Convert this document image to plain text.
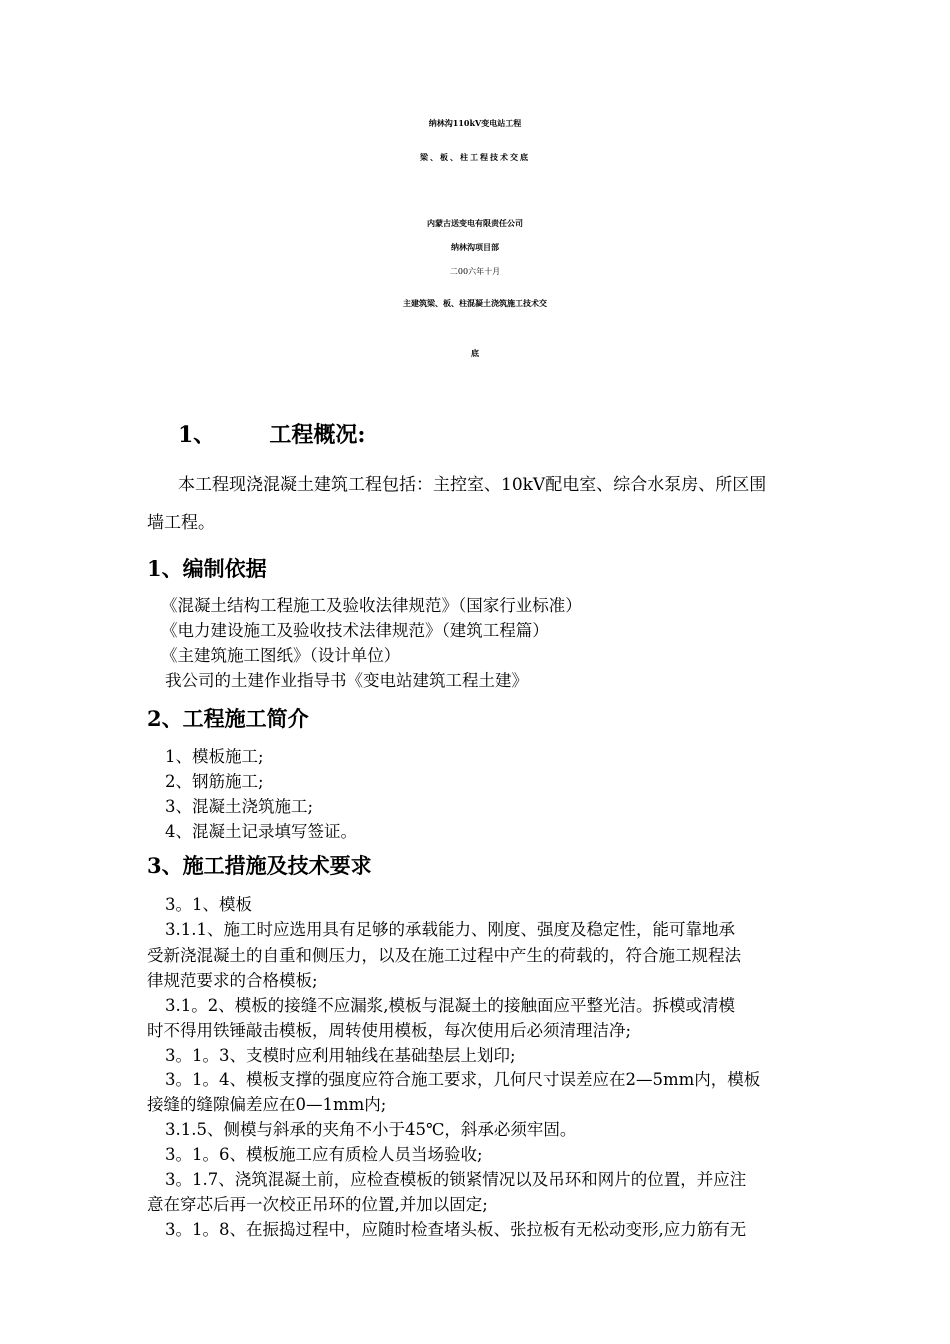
纳林沟110kV变电站工程
梁、板、柱工程技术交底
内蒙古送变电有限责任公司
纳林沟项目部
二00六年十月
主建筑梁、板、柱混凝土浇筑施工技术交
底
1、 工程概况:
本工程现浇混凝土建筑工程包括：主控室、10kV配电室、综合水泵房、所区围
墙工程。
1、编制依据
《混凝土结构工程施工及验收法律规范》（国家行业标准）
《电力建设施工及验收技术法律规范》（建筑工程篇）
《主建筑施工图纸》（设计单位）
我公司的土建作业指导书《变电站建筑工程土建》
2、工程施工简介
1、模板施工;
2、钢筋施工;
3、混凝土浇筑施工;
4、混凝土记录填写签证。
3、施工措施及技术要求
3。1、模板
3.1.1、施工时应选用具有足够的承载能力、刚度、强度及稳定性，能可靠地承
受新浇混凝土的自重和侧压力，以及在施工过程中产生的荷载的，符合施工规程法
律规范要求的合格模板;
3.1。2、模板的接缝不应漏浆,模板与混凝土的接触面应平整光洁。拆模或清模
时不得用铁锤敲击模板，周转使用模板，每次使用后必须清理洁净;
3。1。3、支模时应利用轴线在基础垫层上划印;
3。1。4、模板支撑的强度应符合施工要求，几何尺寸误差应在2—5mm内，模板
接缝的缝隙偏差应在0—1mm内;
3.1.5、侧模与斜承的夹角不小于45℃，斜承必须牢固。
3。1。6、模板施工应有质检人员当场验收;
3。1.7、浇筑混凝土前，应检查模板的锁紧情况以及吊环和网片的位置，并应注
意在穿芯后再一次校正吊环的位置,并加以固定;
3。1。8、在振捣过程中，应随时检查堵头板、张拉板有无松动变形,应力筋有无
